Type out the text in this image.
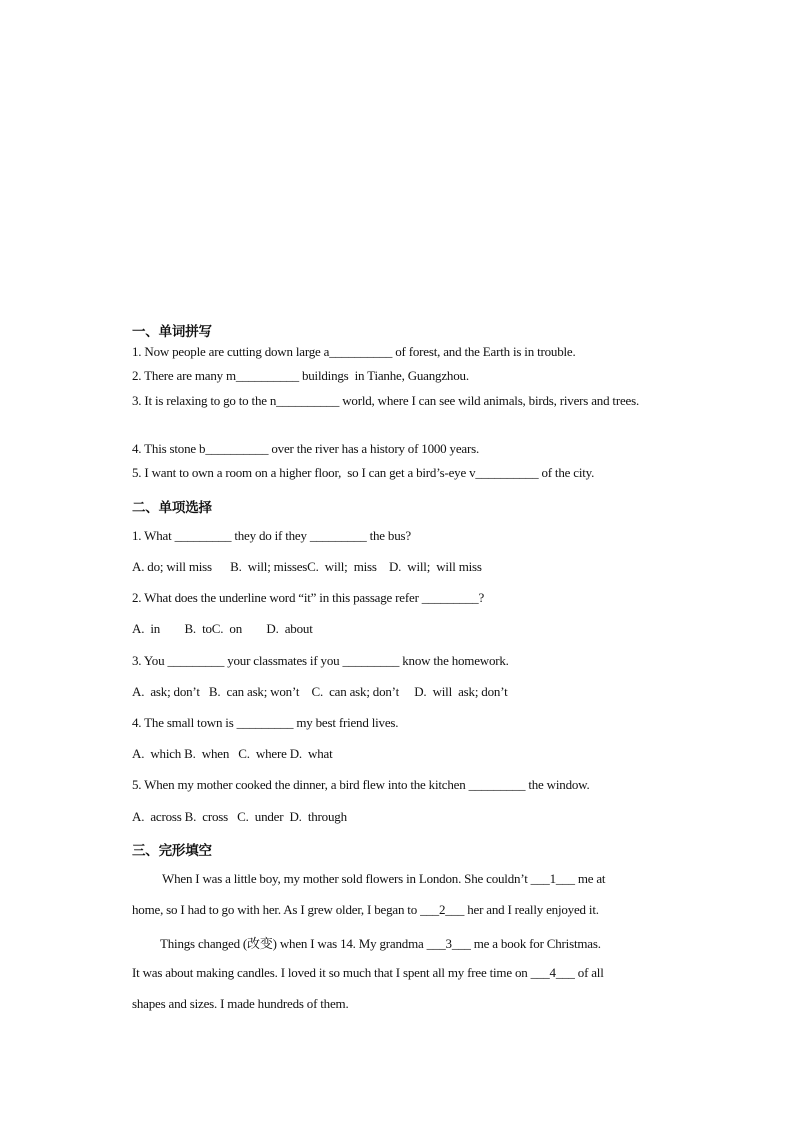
一、单词拼写
1. Now people are cutting down large a__________ of forest, and the Earth is in trouble.
2. There are many m__________ buildings  in Tianhe, Guangzhou.
3. It is relaxing to go to the n__________ world, where I can see wild animals, birds, rivers and trees.
4. This stone b__________ over the river has a history of 1000 years.
5. I want to own a room on a higher floor,  so I can get a bird’s-eye v__________ of the city.
二、单项选择
1. What _________ they do if they _________ the bus?
A. do; will miss      B.  will; missesC.  will;  miss    D.  will;  will miss
2. What does the underline word “it” in this passage refer _________?
A.  in        B.  toC.  on        D.  about
3. You _________ your classmates if you _________ know the homework.
A.  ask; don’t   B.  can ask; won’t    C.  can ask; don’t     D.  will  ask; don’t
4. The small town is _________ my best friend lives.
A.  which B.  when   C.  where D.  what
5. When my mother cooked the dinner, a bird flew into the kitchen _________ the window.
A.  across B.  cross   C.  under  D.  through
三、完形填空
When I was a little boy, my mother sold flowers in London. She couldn’t ___1___ me at
home, so I had to go with her. As I grew older, I began to ___2___ her and I really enjoyed it.
Things changed (改变) when I was 14. My grandma ___3___ me a book for Christmas.
It was about making candles. I loved it so much that I spent all my free time on ___4___ of all
shapes and sizes. I made hundreds of them.
